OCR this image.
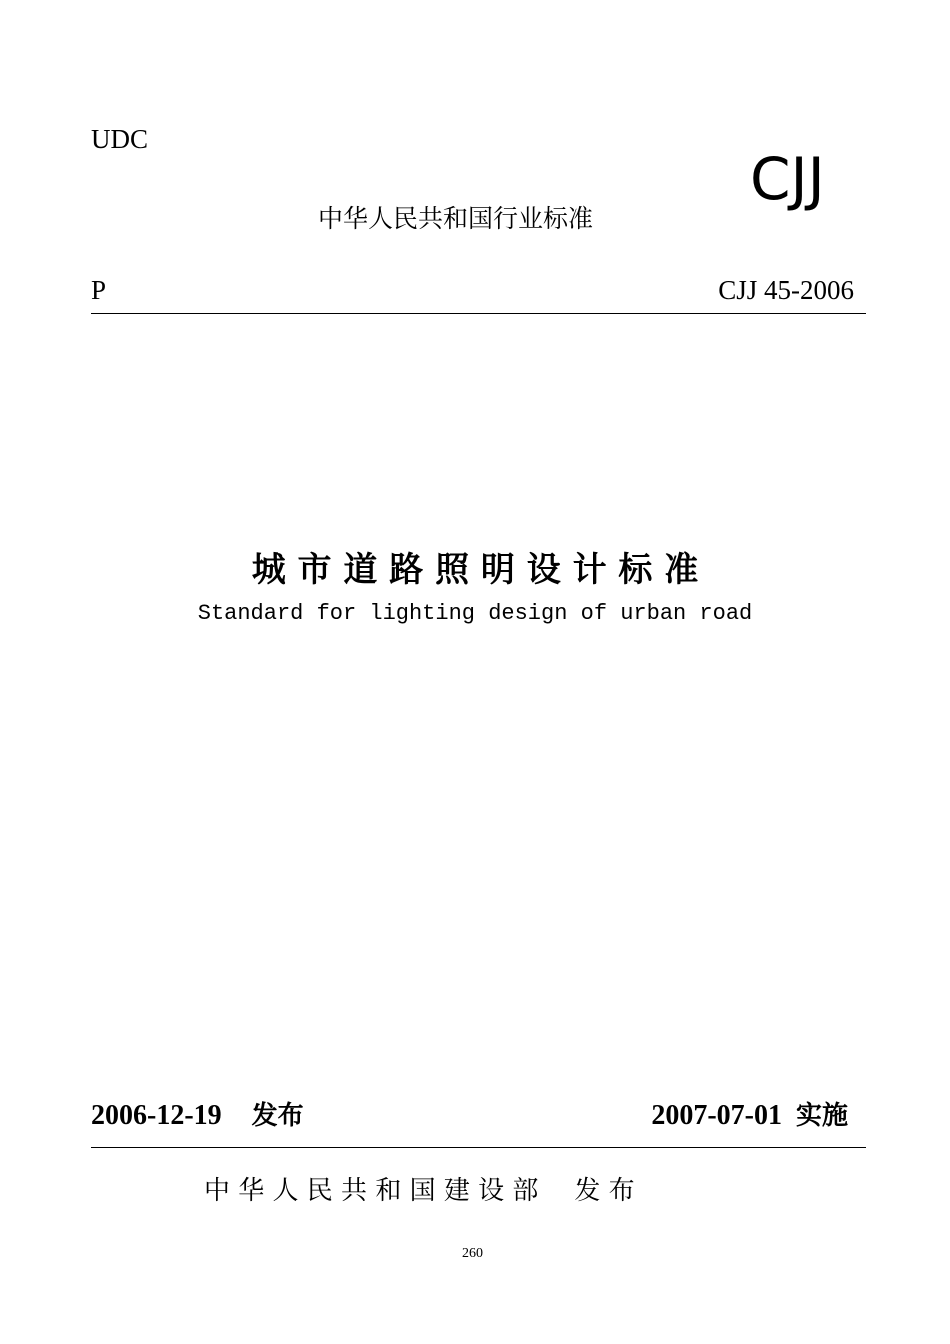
UDC
中华人民共和国行业标准
CJJ
P	CJJ 45-2006
城 市 道 路 照 明 设 计 标 准
Standard for lighting design of urban road
2006-12-19 发布	2007-07-01 实施
中 华 人 民 共 和 国 建 设 部 发 布
260
